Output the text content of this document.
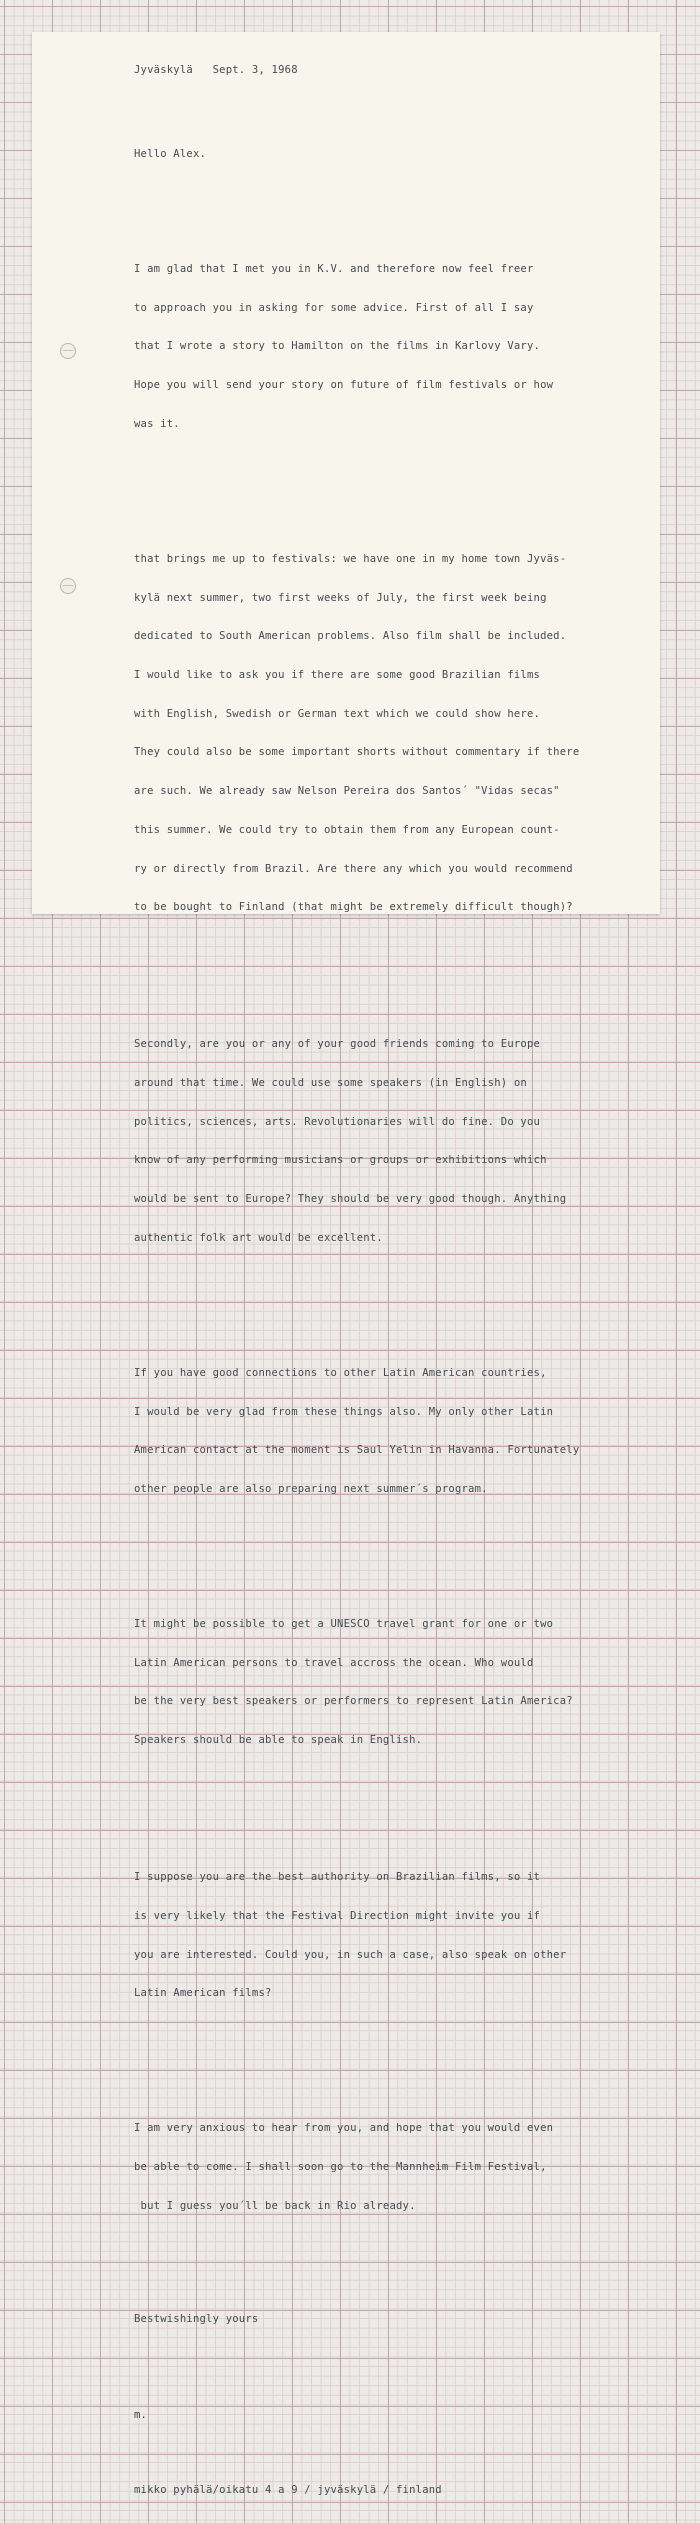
Jyväskylä   Sept. 3, 1968

Hello Alex.

I am glad that I met you in K.V. and therefore now feel freer

to approach you in asking for some advice. First of all I say

that I wrote a story to Hamilton on the films in Karlovy Vary.

Hope you will send your story on future of film festivals or how

was it.

that brings me up to festivals: we have one in my home town Jyväs-

kylä next summer, two first weeks of July, the first week being

dedicated to South American problems. Also film shall be included.

I would like to ask you if there are some good Brazilian films

with English, Swedish or German text which we could show here.

They could also be some important shorts without commentary if there

are such. We already saw Nelson Pereira dos Santos´ "Vidas secas"

this summer. We could try to obtain them from any European count-

ry or directly from Brazil. Are there any which you would recommend

to be bought to Finland (that might be extremely difficult though)?

Secondly, are you or any of your good friends coming to Europe

around that time. We could use some speakers (in English) on

politics, sciences, arts. Revolutionaries will do fine. Do you

know of any performing musicians or groups or exhibitions which

would be sent to Europe? They should be very good though. Anything

authentic folk art would be excellent.

If you have good connections to other Latin American countries,

I would be very glad from these things also. My only other Latin

American contact at the moment is Saul Yelin in Havanna. Fortunately

other people are also preparing next summer´s program.

It might be possible to get a UNESCO travel grant for one or two

Latin American persons to travel accross the ocean. Who would

be the very best speakers or performers to represent Latin America?

Speakers should be able to speak in English.

I suppose you are the best authority on Brazilian films, so it

is very likely that the Festival Direction might invite you if

you are interested. Could you, in such a case, also speak on other

Latin American films?

I am very anxious to hear from you, and hope that you would even

be able to come. I shall soon go to the Mannheim Film Festival,

but I guess you´ll be back in Rio already.

Bestwishingly yours

m.

mikko pyhälä/oikatu 4 a 9 / jyväskylä / finland
